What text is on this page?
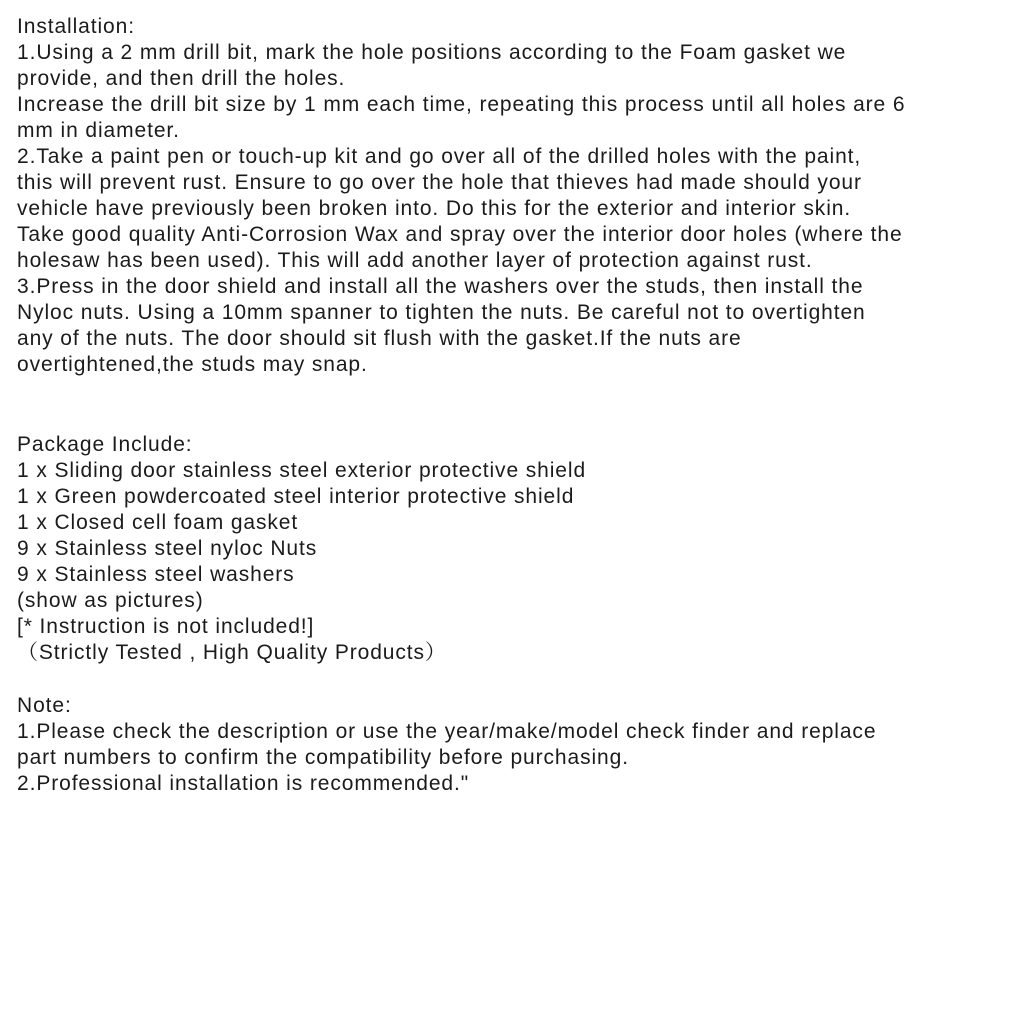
Installation:
1.Using a 2 mm drill bit, mark the hole positions according to the Foam gasket we
provide, and then drill the holes.
Increase the drill bit size by 1 mm each time, repeating this process until all holes are 6
mm in diameter.
2.Take a paint pen or touch-up kit and go over all of the drilled holes with the paint,
this will prevent rust. Ensure to go over the hole that thieves had made should your
vehicle have previously been broken into. Do this for the exterior and interior skin.
Take good quality Anti-Corrosion Wax and spray over the interior door holes (where the
holesaw has been used). This will add another layer of protection against rust.
3.Press in the door shield and install all the washers over the studs, then install the
Nyloc nuts. Using a 10mm spanner to tighten the nuts. Be careful not to overtighten
any of the nuts. The door should sit flush with the gasket.If the nuts are
overtightened,the studs may snap.
Package Include:
1 x Sliding door stainless steel exterior protective shield
1 x Green powdercoated steel interior protective shield
1 x Closed cell foam gasket
9 x Stainless steel nyloc Nuts
9 x Stainless steel washers
(show as pictures)
[* Instruction is not included!]
（Strictly Tested , High Quality Products）
Note:
1.Please check the description or use the year/make/model check finder and replace
part numbers to confirm the compatibility before purchasing.
2.Professional installation is recommended."
